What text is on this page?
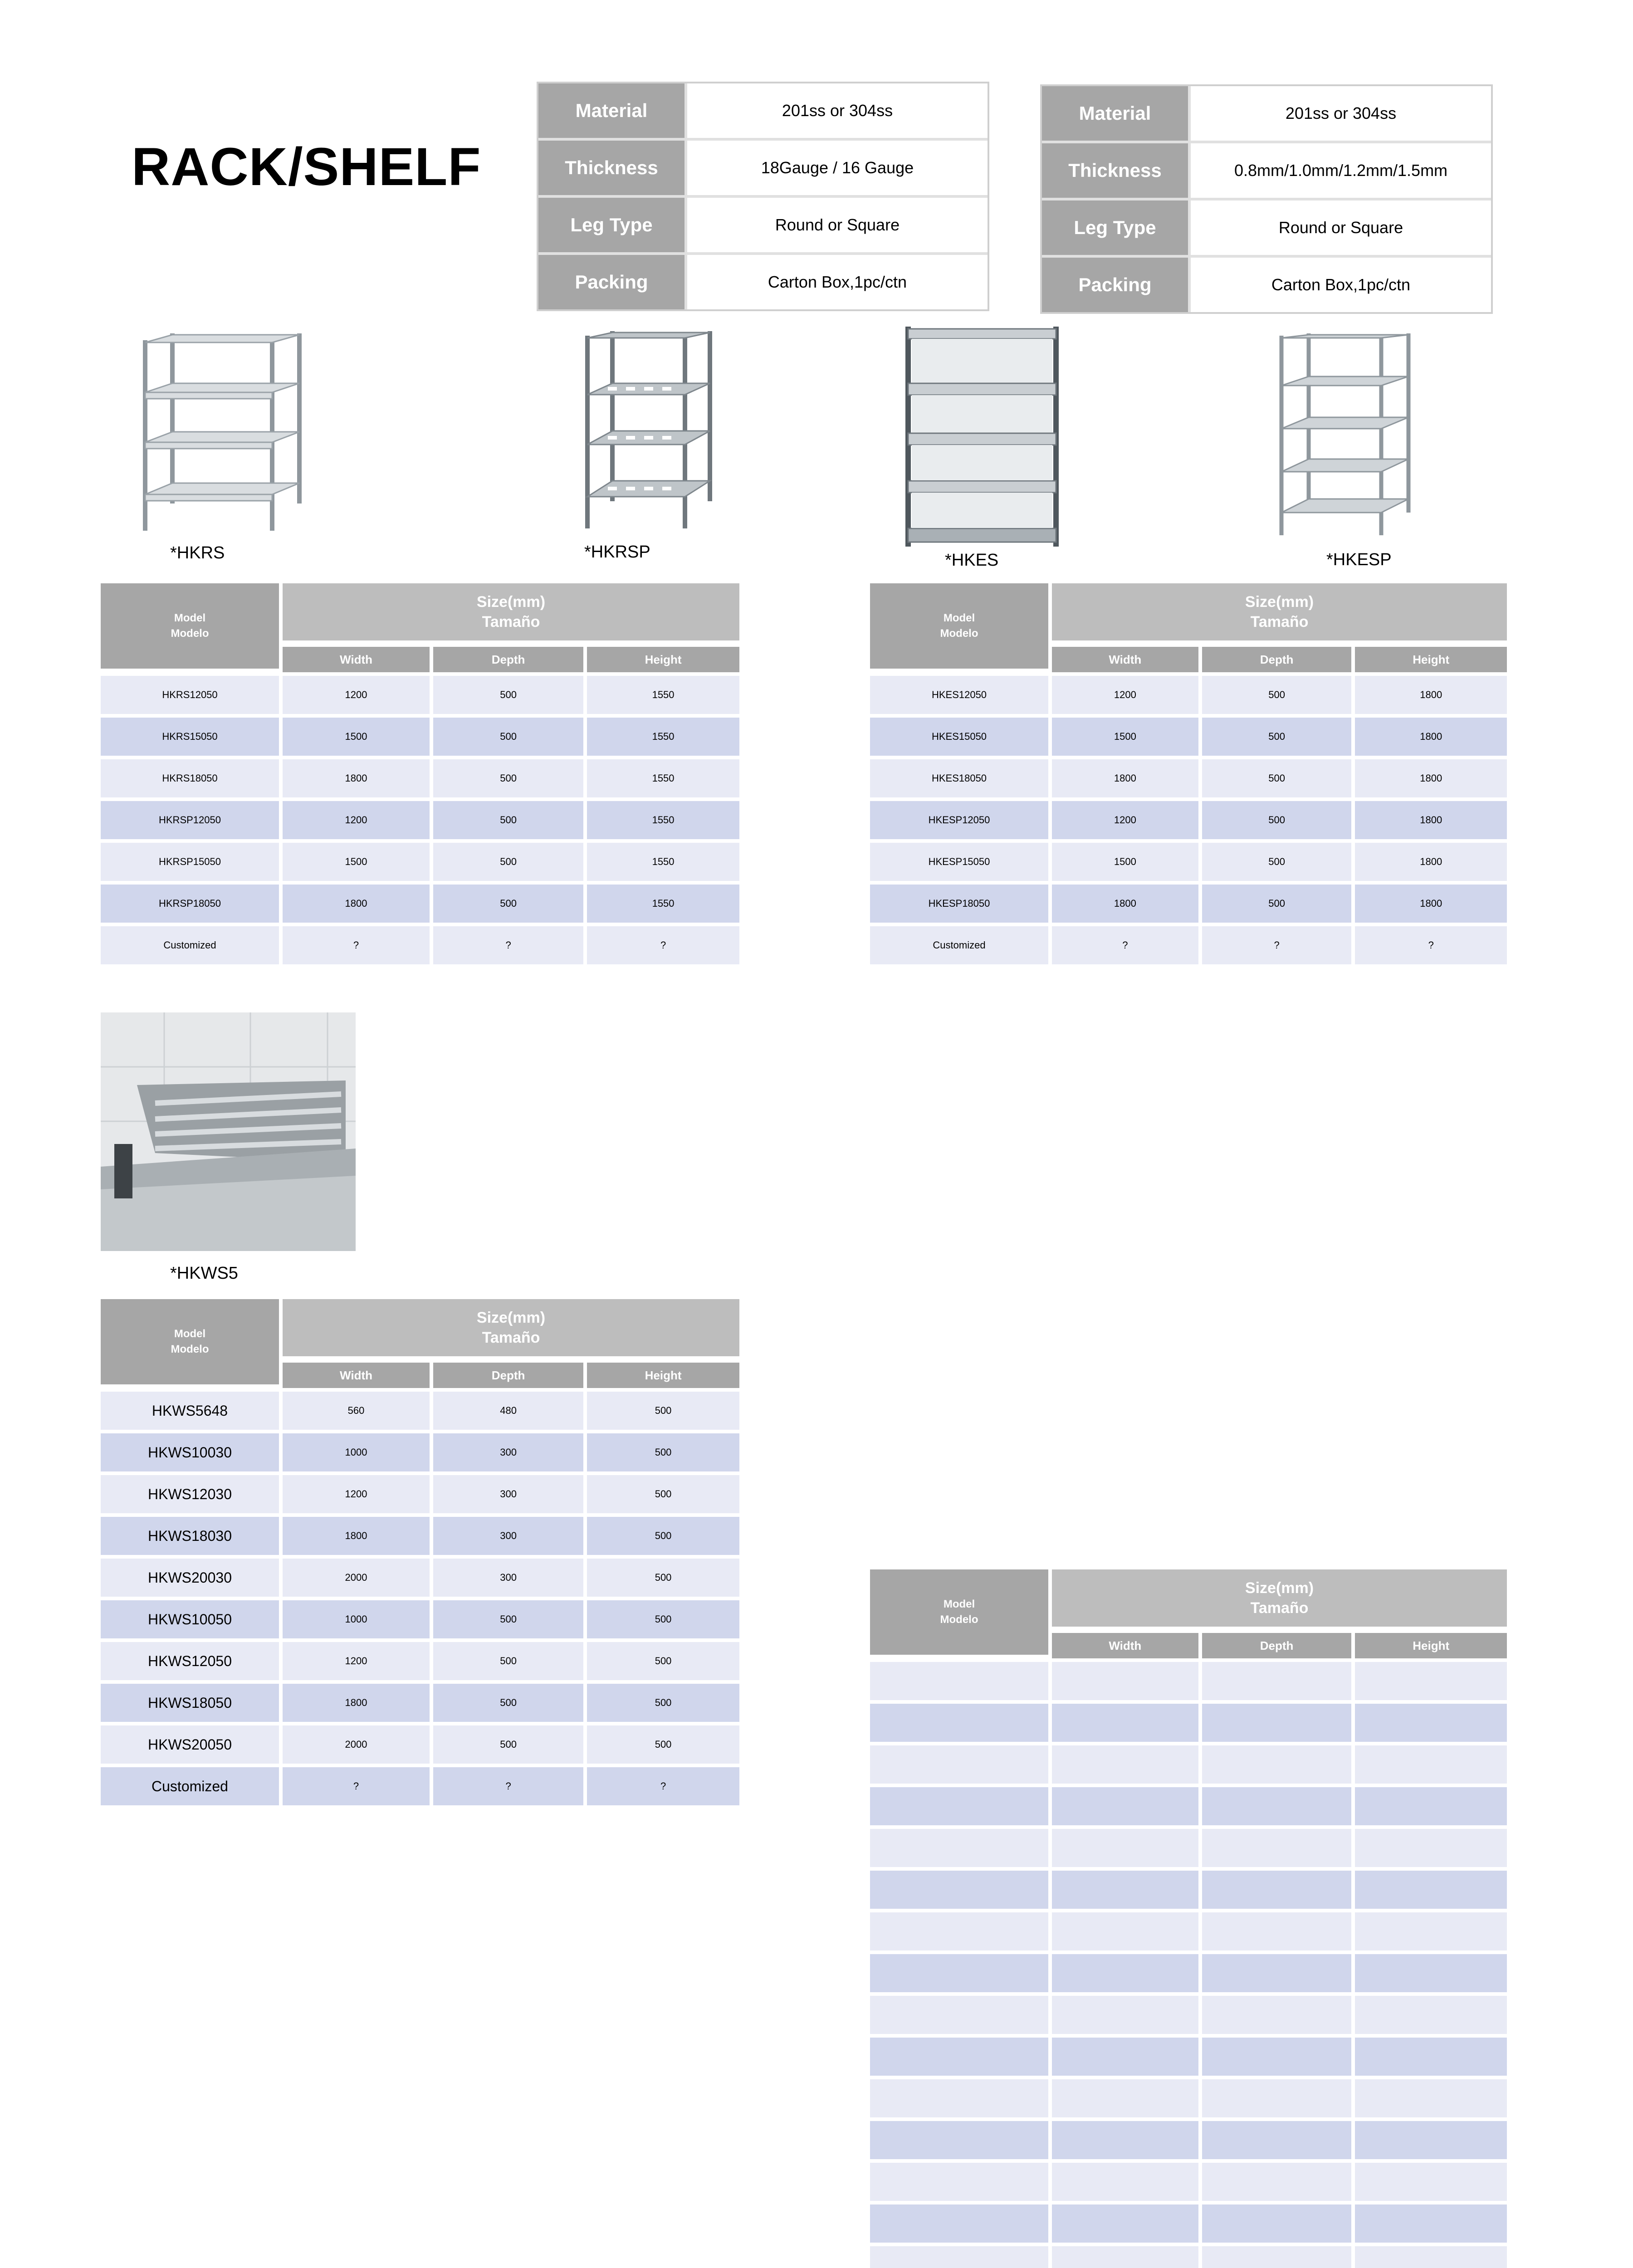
RACK/SHELF
Material	201ss or 304ss
Thickness	18Gauge / 16 Gauge
Leg Type	Round or Square
Packing	Carton Box,1pc/ctn
Material	201ss or 304ss
Thickness	0.8mm/1.0mm/1.2mm/1.5mm
Leg Type	Round or Square
Packing	Carton Box,1pc/ctn
*HKRS	*HKRSP	*HKES	*HKESP
*HKWS5
Model
Modelo	Size(mm)
Tamaño		

	Width	Depth	Height
HKRS12050	1200	500	1550
HKRS15050	1500	500	1550
HKRS18050	1800	500	1550
HKRSP12050	1200	500	1550
HKRSP15050	1500	500	1550
HKRSP18050	1800	500	1550
Customized	?	?	?
Model
Modelo	Size(mm)
Tamaño		

	Width	Depth	Height
HKES12050	1200	500	1800
HKES15050	1500	500	1800
HKES18050	1800	500	1800
HKESP12050	1200	500	1800
HKESP15050	1500	500	1800
HKESP18050	1800	500	1800
Customized	?	?	?
Model
Modelo	Size(mm)
Tamaño		

	Width	Depth	Height
HKWS5648	560	480	500
HKWS10030	1000	300	500
HKWS12030	1200	300	500
HKWS18030	1800	300	500
HKWS20030	2000	300	500
HKWS10050	1000	500	500
HKWS12050	1200	500	500
HKWS18050	1800	500	500
HKWS20050	2000	500	500
Customized	?	?	?
Model
Modelo	Size(mm)
Tamaño		

	Width	Depth	Height
